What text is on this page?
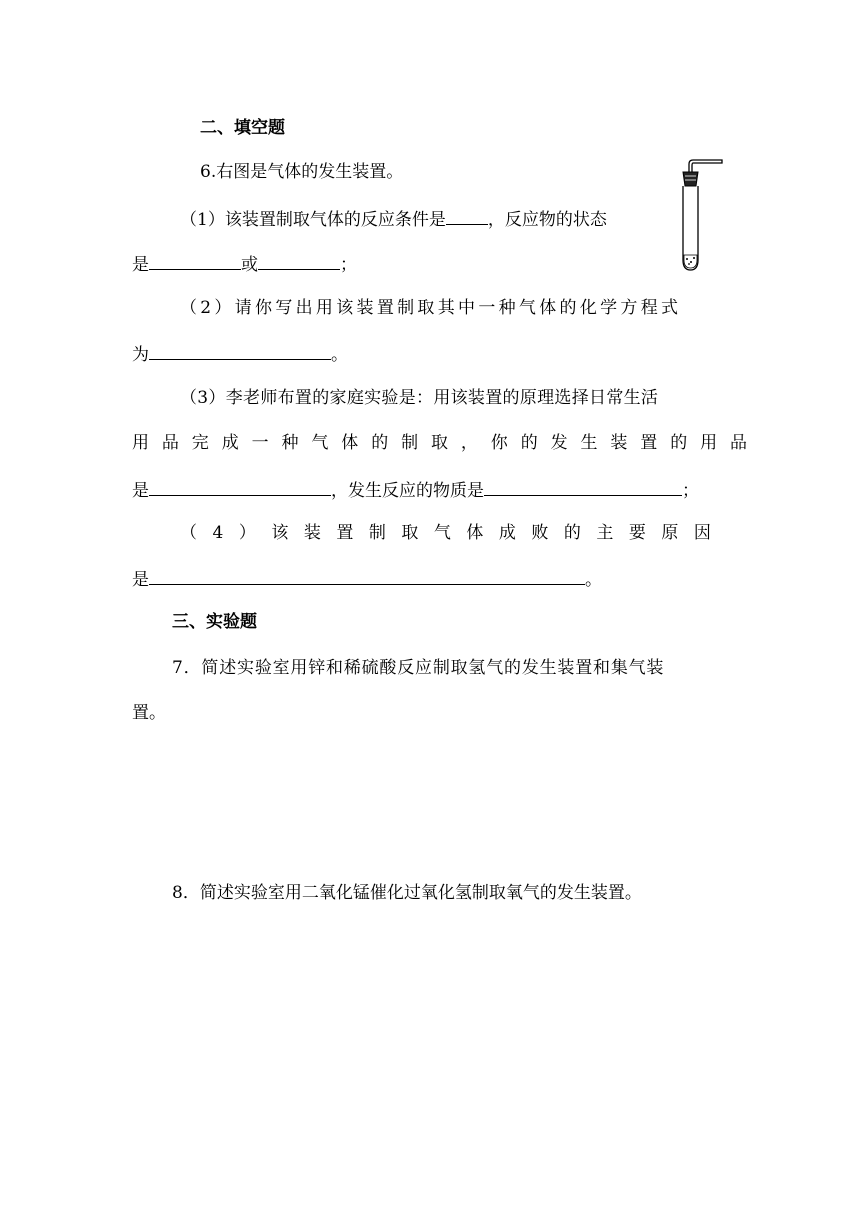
二、填空题
6.右图是气体的发生装置。
（1）该装置制取气体的反应条件是 ，反应物的状态
是	或	；
（2）请你写出用该装置制取其中一种气体的化学方程式
为	。
（3）李老师布置的家庭实验是：用该装置的原理选择日常生活
用品完成一种气体的制取，你的发生装置的用品
是	，发生反应的物质是	；
（4）该装置制取气体成败的主要原因
是	。
三、实验题
7．简述实验室用锌和稀硫酸反应制取氢气的发生装置和集气装
置。
8．简述实验室用二氧化锰催化过氧化氢制取氧气的发生装置。
